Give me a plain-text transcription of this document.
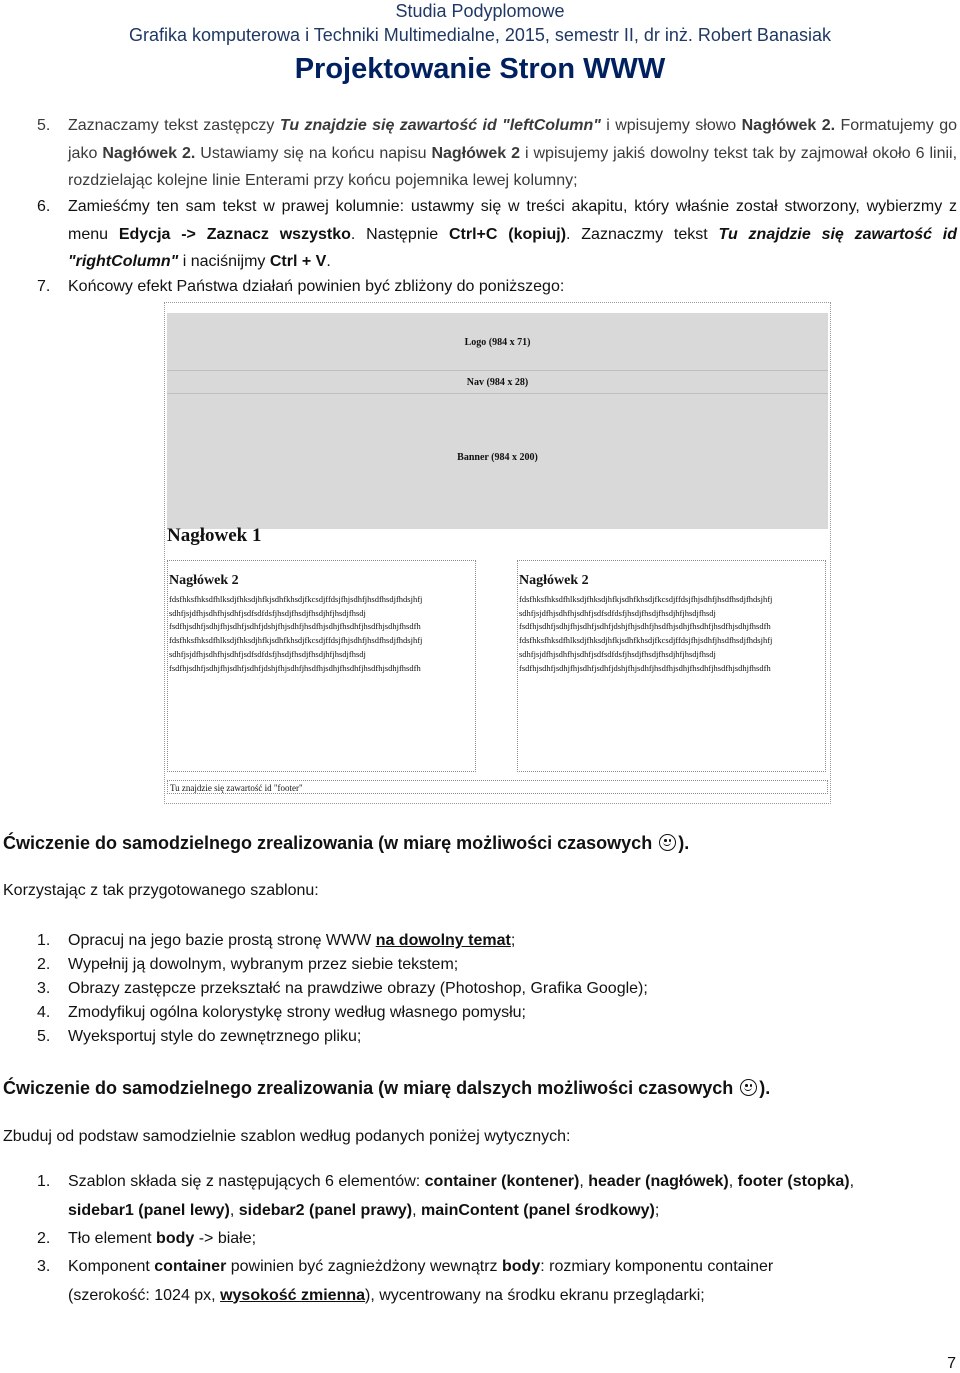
Studia Podyplomowe
Grafika komputerowa i Techniki Multimedialne, 2015, semestr II, dr inż. Robert Banasiak
Projektowanie Stron WWW
5. Zaznaczamy tekst zastępczy Tu znajdzie się zawartość id "leftColumn" i wpisujemy słowo Nagłówek 2. Formatujemy go jako Nagłówek 2. Ustawiamy się na końcu napisu Nagłówek 2 i wpisujemy jakiś dowolny tekst tak by zajmował około 6 linii, rozdzielając kolejne linie Enterami przy końcu pojemnika lewej kolumny;
6. Zamieśćmy ten sam tekst w prawej kolumnie: ustawmy się w treści akapitu, który właśnie został stworzony, wybierzmy z menu Edycja -> Zaznacz wszystko. Następnie Ctrl+C (kopiuj). Zaznaczmy tekst Tu znajdzie się zawartość id "rightColumn" i naciśnijmy Ctrl + V.
7. Końcowy efekt Państwa działań powinien być zbliżony do poniższego:
Logo (984 x 71)
Nav (984 x 28)
Banner (984 x 200)
Nagłowek 1
Nagłówek 2
fdsfhksfhksdfhlksdjfhksdjhfkjsdhfkhsdjfkcsdjffdsjfhjsdhfjhsdfhsdjfhdsjhfj
sdhfjsjdfhjsdhfhjsdhfjsdfsdfdsfjhsdjfhsdjfhsdjhfjhsdjfhsdj
fsdfhjsdhfjsdhjfhjsdhfjsdhfjdshjfhjsdhfjhsdfhjsdhjfhsdhfjhsdfhjsdhjfhsdfh
fdsfhksfhksdfhlksdjfhksdjhfkjsdhfkhsdjfkcsdjffdsjfhjsdhfjhsdfhsdjfhdsjhfj
sdhfjsjdfhjsdhfhjsdhfjsdfsdfdsfjhsdjfhsdjfhsdjhfjhsdjfhsdj
fsdfhjsdhfjsdhjfhjsdhfjsdhfjdshjfhjsdhfjhsdfhjsdhjfhsdhfjhsdfhjsdhjfhsdfh
Nagłówek 2
fdsfhksfhksdfhlksdjfhksdjhfkjsdhfkhsdjfkcsdjffdsjfhjsdhfjhsdfhsdjfhdsjhfj
sdhfjsjdfhjsdhfhjsdhfjsdfsdfdsfjhsdjfhsdjfhsdjhfjhsdjfhsdj
fsdfhjsdhfjsdhjfhjsdhfjsdhfjdshjfhjsdhfjhsdfhjsdhjfhsdhfjhsdfhjsdhjfhsdfh
fdsfhksfhksdfhlksdjfhksdjhfkjsdhfkhsdjfkcsdjffdsjfhjsdhfjhsdfhsdjfhdsjhfj
sdhfjsjdfhjsdhfhjsdhfjsdfsdfdsfjhsdjfhsdjfhsdjhfjhsdjfhsdj
fsdfhjsdhfjsdhjfhjsdhfjsdhfjdshjfhjsdhfjhsdfhjsdhjfhsdhfjhsdfhjsdhjfhsdfh
Tu znajdzie się zawartość id "footer"
Ćwiczenie do samodzielnego zrealizowania (w miarę możliwości czasowych ).
Korzystając z tak przygotowanego szablonu:
1. Opracuj na jego bazie prostą stronę WWW na dowolny temat;
2. Wypełnij ją dowolnym, wybranym przez siebie tekstem;
3. Obrazy zastępcze przekształć na prawdziwe obrazy (Photoshop, Grafika Google);
4. Zmodyfikuj ogólna kolorystykę strony według własnego pomysłu;
5. Wyeksportuj style do zewnętrznego pliku;
Ćwiczenie do samodzielnego zrealizowania (w miarę dalszych możliwości czasowych ).
Zbuduj od podstaw samodzielnie szablon według podanych poniżej wytycznych:
1. Szablon składa się z następujących 6 elementów: container (kontener), header (nagłówek), footer (stopka),
sidebar1 (panel lewy), sidebar2 (panel prawy), mainContent (panel środkowy);
2. Tło element body -> białe;
3. Komponent container powinien być zagnieżdżony wewnątrz body: rozmiary komponentu container
(szerokość: 1024 px, wysokość zmienna), wycentrowany na środku ekranu przeglądarki;
7
